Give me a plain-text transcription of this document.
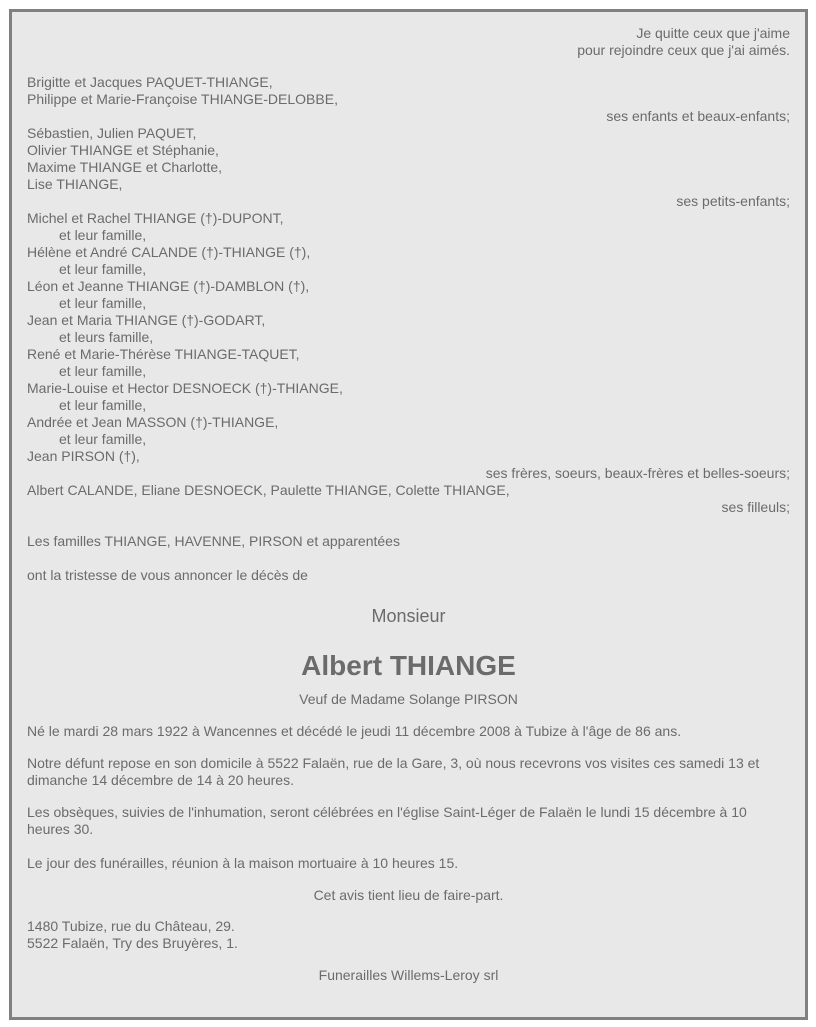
Je quitte ceux que j'aime
pour rejoindre ceux que j'ai aimés.
Brigitte et Jacques PAQUET-THIANGE,
Philippe et Marie-Françoise THIANGE-DELOBBE,
ses enfants et beaux-enfants;
Sébastien, Julien PAQUET,
Olivier THIANGE et Stéphanie,
Maxime THIANGE et Charlotte,
Lise THIANGE,
ses petits-enfants;
Michel et Rachel THIANGE (†)-DUPONT,
et leur famille,
Hélène et André CALANDE (†)-THIANGE (†),
et leur famille,
Léon et Jeanne THIANGE (†)-DAMBLON (†),
et leur famille,
Jean et Maria THIANGE (†)-GODART,
et leurs famille,
René et Marie-Thérèse THIANGE-TAQUET,
et leur famille,
Marie-Louise et Hector DESNOECK (†)-THIANGE,
et leur famille,
Andrée et Jean MASSON (†)-THIANGE,
et leur famille,
Jean PIRSON (†),
ses frères, soeurs, beaux-frères et belles-soeurs;
Albert CALANDE, Eliane DESNOECK, Paulette THIANGE, Colette THIANGE,
ses filleuls;
Les familles THIANGE, HAVENNE, PIRSON et apparentées
ont la tristesse de vous annoncer le décès de
Monsieur
Albert THIANGE
Veuf de Madame Solange PIRSON
Né le mardi 28 mars 1922 à Wancennes et décédé le jeudi 11 décembre 2008 à Tubize à l'âge de 86 ans.
Notre défunt repose en son domicile à 5522 Falaën, rue de la Gare, 3, où nous recevrons vos visites ces samedi 13 et dimanche 14 décembre de 14 à 20 heures.
Les obsèques, suivies de l'inhumation, seront célébrées en l'église Saint-Léger de Falaën le lundi 15 décembre à 10 heures 30.
Le jour des funérailles, réunion à la maison mortuaire à 10 heures 15.
Cet avis tient lieu de faire-part.
1480 Tubize, rue du Château, 29.
5522 Falaën, Try des Bruyères, 1.
Funerailles Willems-Leroy srl
